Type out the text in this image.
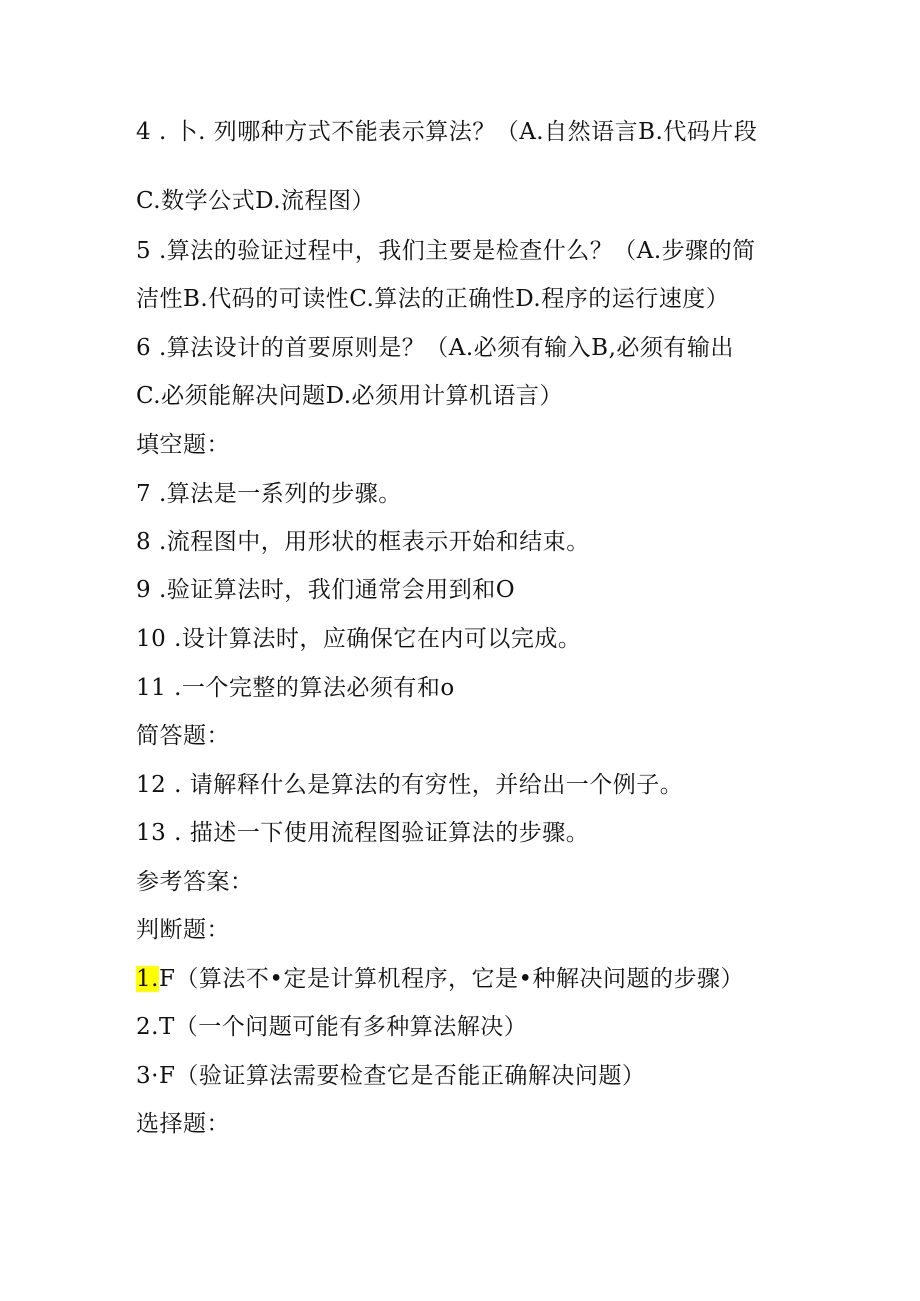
4 . 卜. 列哪种方式不能表示算法？（A.自然语言B.代码片段
C.数学公式D.流程图）
5 .算法的验证过程中，我们主要是检查什么？（A.步骤的简
洁性B.代码的可读性C.算法的正确性D.程序的运行速度）
6 .算法设计的首要原则是？（A.必须有输入B,必须有输出
C.必须能解决问题D.必须用计算机语言）
填空题：
7 .算法是一系列的步骤。
8 .流程图中，用形状的框表示开始和结束。
9 .验证算法时，我们通常会用到和O
10 .设计算法时，应确保它在内可以完成。
11 .一个完整的算法必须有和o
简答题：
12 . 请解释什么是算法的有穷性，并给出一个例子。
13 . 描述一下使用流程图验证算法的步骤。
参考答案：
判断题：
1.F（算法不•定是计算机程序，它是•种解决问题的步骤）
2.T（一个问题可能有多种算法解决）
3·F（验证算法需要检查它是否能正确解决问题）
选择题：
